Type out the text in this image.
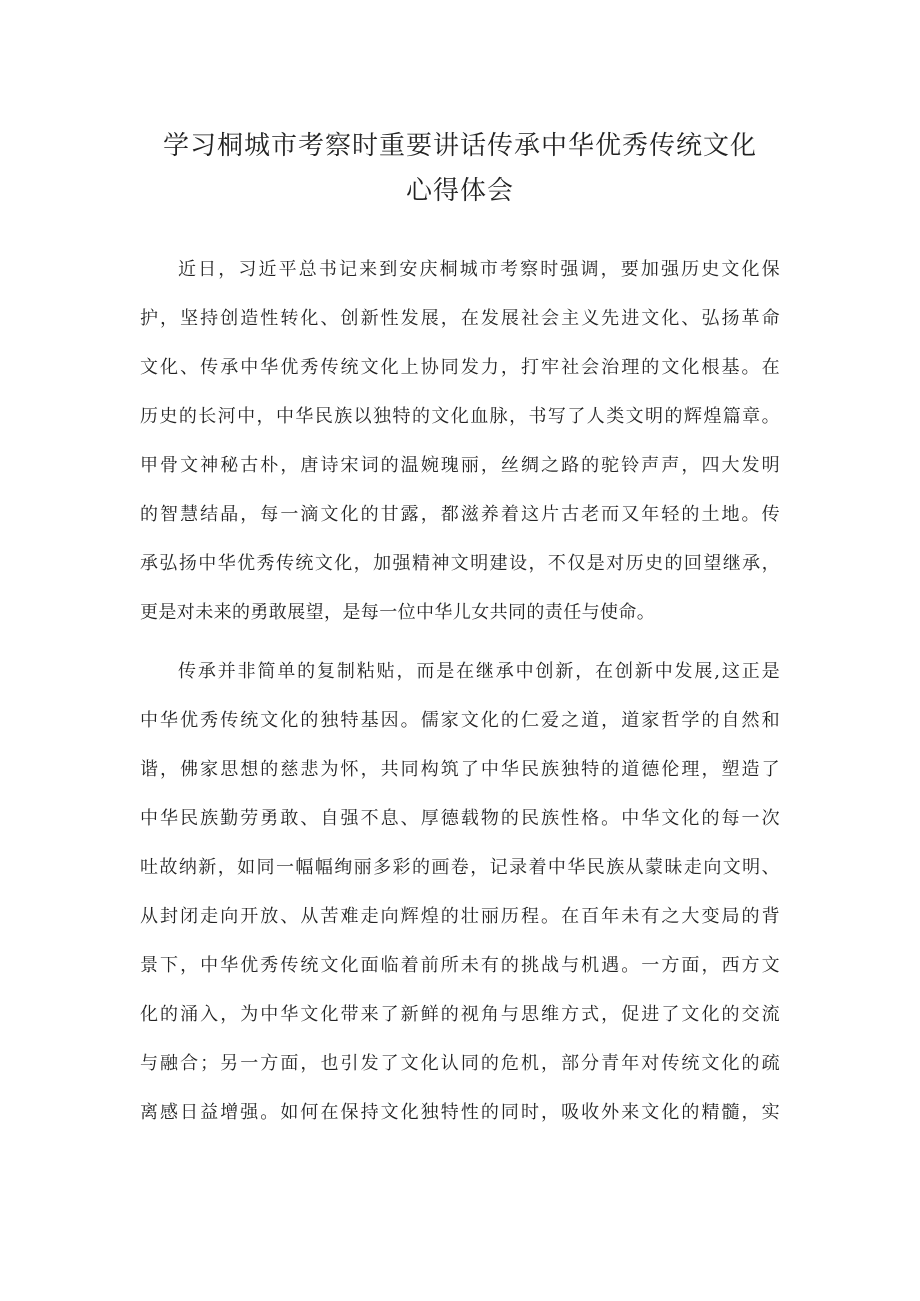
学习桐城市考察时重要讲话传承中华优秀传统文化
心得体会
近日，习近平总书记来到安庆桐城市考察时强调，要加强历史文化保
护，坚持创造性转化、创新性发展，在发展社会主义先进文化、弘扬革命
文化、传承中华优秀传统文化上协同发力，打牢社会治理的文化根基。在
历史的长河中，中华民族以独特的文化血脉，书写了人类文明的辉煌篇章。
甲骨文神秘古朴，唐诗宋词的温婉瑰丽，丝绸之路的驼铃声声，四大发明
的智慧结晶，每一滴文化的甘露，都滋养着这片古老而又年轻的土地。传
承弘扬中华优秀传统文化，加强精神文明建设，不仅是对历史的回望继承，
更是对未来的勇敢展望，是每一位中华儿女共同的责任与使命。
传承并非简单的复制粘贴，而是在继承中创新，在创新中发展,这正是
中华优秀传统文化的独特基因。儒家文化的仁爱之道，道家哲学的自然和
谐，佛家思想的慈悲为怀，共同构筑了中华民族独特的道德伦理，塑造了
中华民族勤劳勇敢、自强不息、厚德载物的民族性格。中华文化的每一次
吐故纳新，如同一幅幅绚丽多彩的画卷，记录着中华民族从蒙昧走向文明、
从封闭走向开放、从苦难走向辉煌的壮丽历程。在百年未有之大变局的背
景下，中华优秀传统文化面临着前所未有的挑战与机遇。一方面，西方文
化的涌入，为中华文化带来了新鲜的视角与思维方式，促进了文化的交流
与融合；另一方面，也引发了文化认同的危机，部分青年对传统文化的疏
离感日益增强。如何在保持文化独特性的同时，吸收外来文化的精髓，实
